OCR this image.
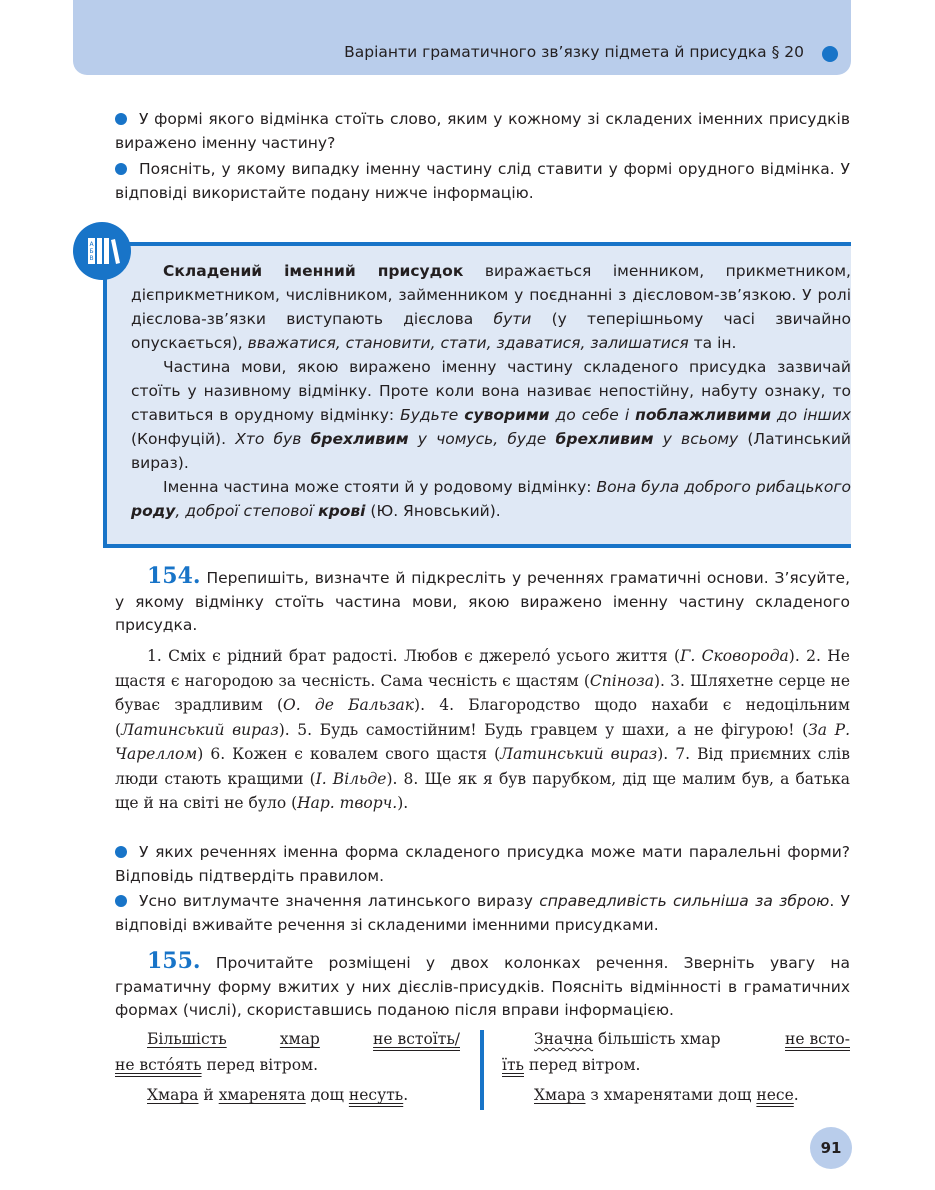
Варіанти граматичного зв’язку підмета й присудка § 20
У формі якого відмінка стоїть слово, яким у кожному зі складених іменних присудків виражено іменну частину?
Поясніть, у якому випадку іменну частину слід ставити у формі орудного відмінка. У відповіді використайте подану нижче інформацію.
А
Б
В

Складений іменний присудок виражається іменником, прикметником, дієприкметником, числівником, займенником у поєднанні з дієсловом-зв’язкою. У ролі дієслова-зв’язки виступають дієслова бути (у теперішньому часі звичайно опускається), вважатися, становити, стати, здаватися, залишатися та ін.

Частина мови, якою виражено іменну частину складеного присудка зазвичай стоїть у називному відмінку. Проте коли вона називає непостійну, набуту ознаку, то ставиться в орудному відмінку: Будьте суворими до себе і поблажливими до інших (Конфуцій). Хто був брехливим у чомусь, буде брехливим у всьому (Латинський вираз).

Іменна частина може стояти й у родовому відмінку: Вона була доброго рибацького роду, доброї степової крові (Ю. Яновський).

154. Перепишіть, визначте й підкресліть у реченнях граматичні основи. З’ясуйте, у якому відмінку стоїть частина мови, якою виражено іменну частину складеного присудка.
1. Сміх є рідний брат радості. Любов є джерело́ усього життя (Г. Сковорода). 2. Не щастя є нагородою за чесність. Сама чесність є щастям (Спіноза). 3. Шляхетне серце не буває зрадливим (О. де Бальзак). 4. Благородство щодо нахаби є недоцільним (Латинський вираз). 5. Будь самостійним! Будь гравцем у шахи, а не фігурою! (За Р. Чареллом) 6. Кожен є ковалем свого щастя (Латинський вираз). 7. Від приємних слів люди стають кращими (І. Вільде). 8. Ще як я був парубком, дід ще малим був, а батька ще й на світі не було (Нар. творч.).
У яких реченнях іменна форма складеного присудка може мати паралельні форми? Відповідь підтвердіть правилом.
Усно витлумачте значення латинського виразу справедливість сильніша за зброю. У відповіді вживайте речення зі складеними іменними присудками.
155. Прочитайте розміщені у двох колонках речення. Зверніть увагу на граматичну форму вжитих у них дієслів-присудків. Поясніть відмінності в граматичних формах (числі), скориставшись поданою після вправи інформацією.
Більшість	хмар	не встоїть/
не вcто́ять перед вітром.
Хмара й хмаренята дощ несуть.
Значна більшість хмар	не вcто-
їть перед вітром.
Хмара з хмаренятами дощ несе.
91
